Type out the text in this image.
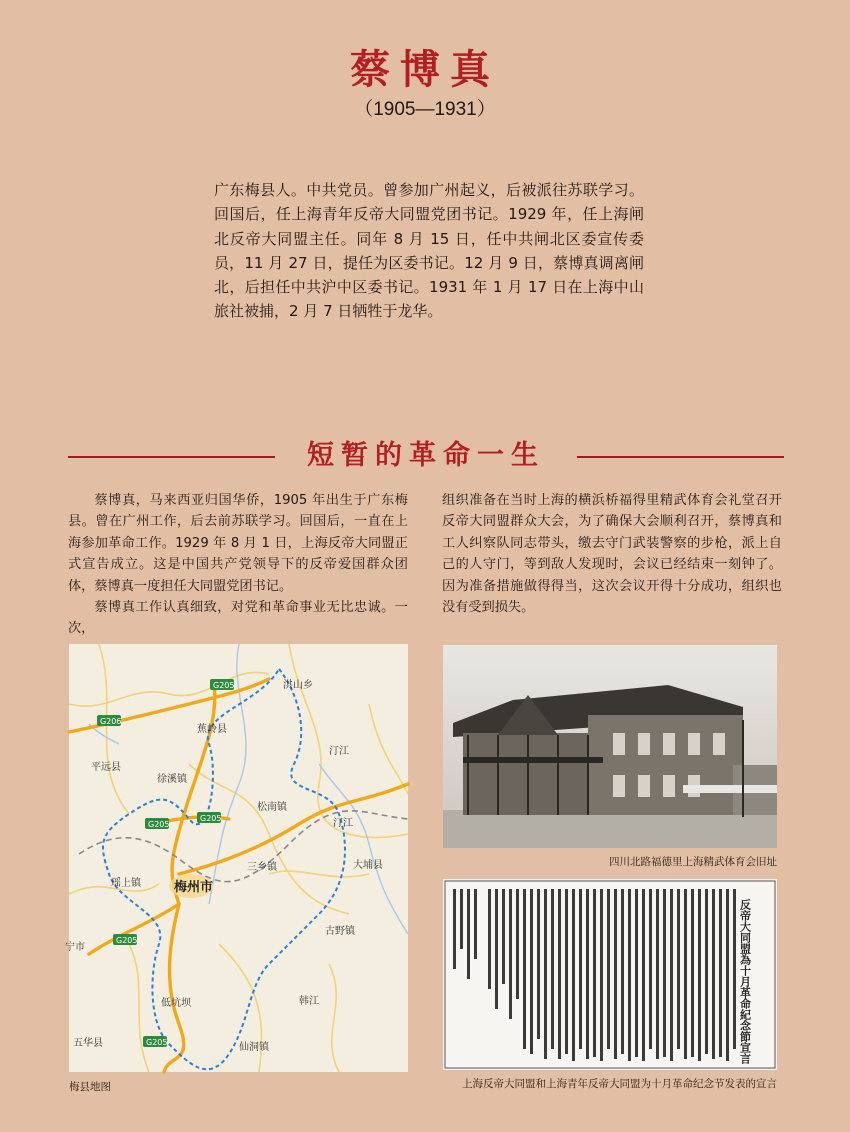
蔡博真

（1905—1931）

广东梅县人。中共党员。曾参加广州起义，后被派往苏联学习。回国后，任上海青年反帝大同盟党团书记。1929 年，任上海闸北反帝大同盟主任。同年 8 月 15 日，任中共闸北区委宣传委员，11 月 27 日，提任为区委书记。12 月 9 日，蔡博真调离闸北，后担任中共沪中区委书记。1931 年 1 月 17 日在上海中山旅社被捕，2 月 7 日牺牲于龙华。

短暂的革命一生

蔡博真，马来西亚归国华侨，1905 年出生于广东梅县。曾在广州工作，后去前苏联学习。回国后，一直在上海参加革命工作。1929 年 8 月 1 日，上海反帝大同盟正式宣告成立。这是中国共产党领导下的反帝爱国群众团体，蔡博真一度担任大同盟党团书记。

蔡博真工作认真细致，对党和革命事业无比忠诚。一次，

组织准备在当时上海的横浜桥福得里精武体育会礼堂召开反帝大同盟群众大会，为了确保大会顺利召开，蔡博真和工人纠察队同志带头，缴去守门武装警察的步枪，派上自己的人守门，等到敌人发现时，会议已经结束一刻钟了。因为准备措施做得得当，这次会议开得十分成功，组织也没有受到损失。

G205
G206
G205
G205
G205
G205
洪山乡
蕉岭县
平远县
徐溪镇
松南镇
汀江
汀江
三乡镇	大埔县
瑶上镇	梅州市
古野镇
低坑坝	韩江
五华县	仙洞镇
宁市

梅县地图

四川北路福德里上海精武体育会旧址

反帝大同盟為十月革命紀念節宣言

上海反帝大同盟和上海青年反帝大同盟为十月革命纪念节发表的宣言
